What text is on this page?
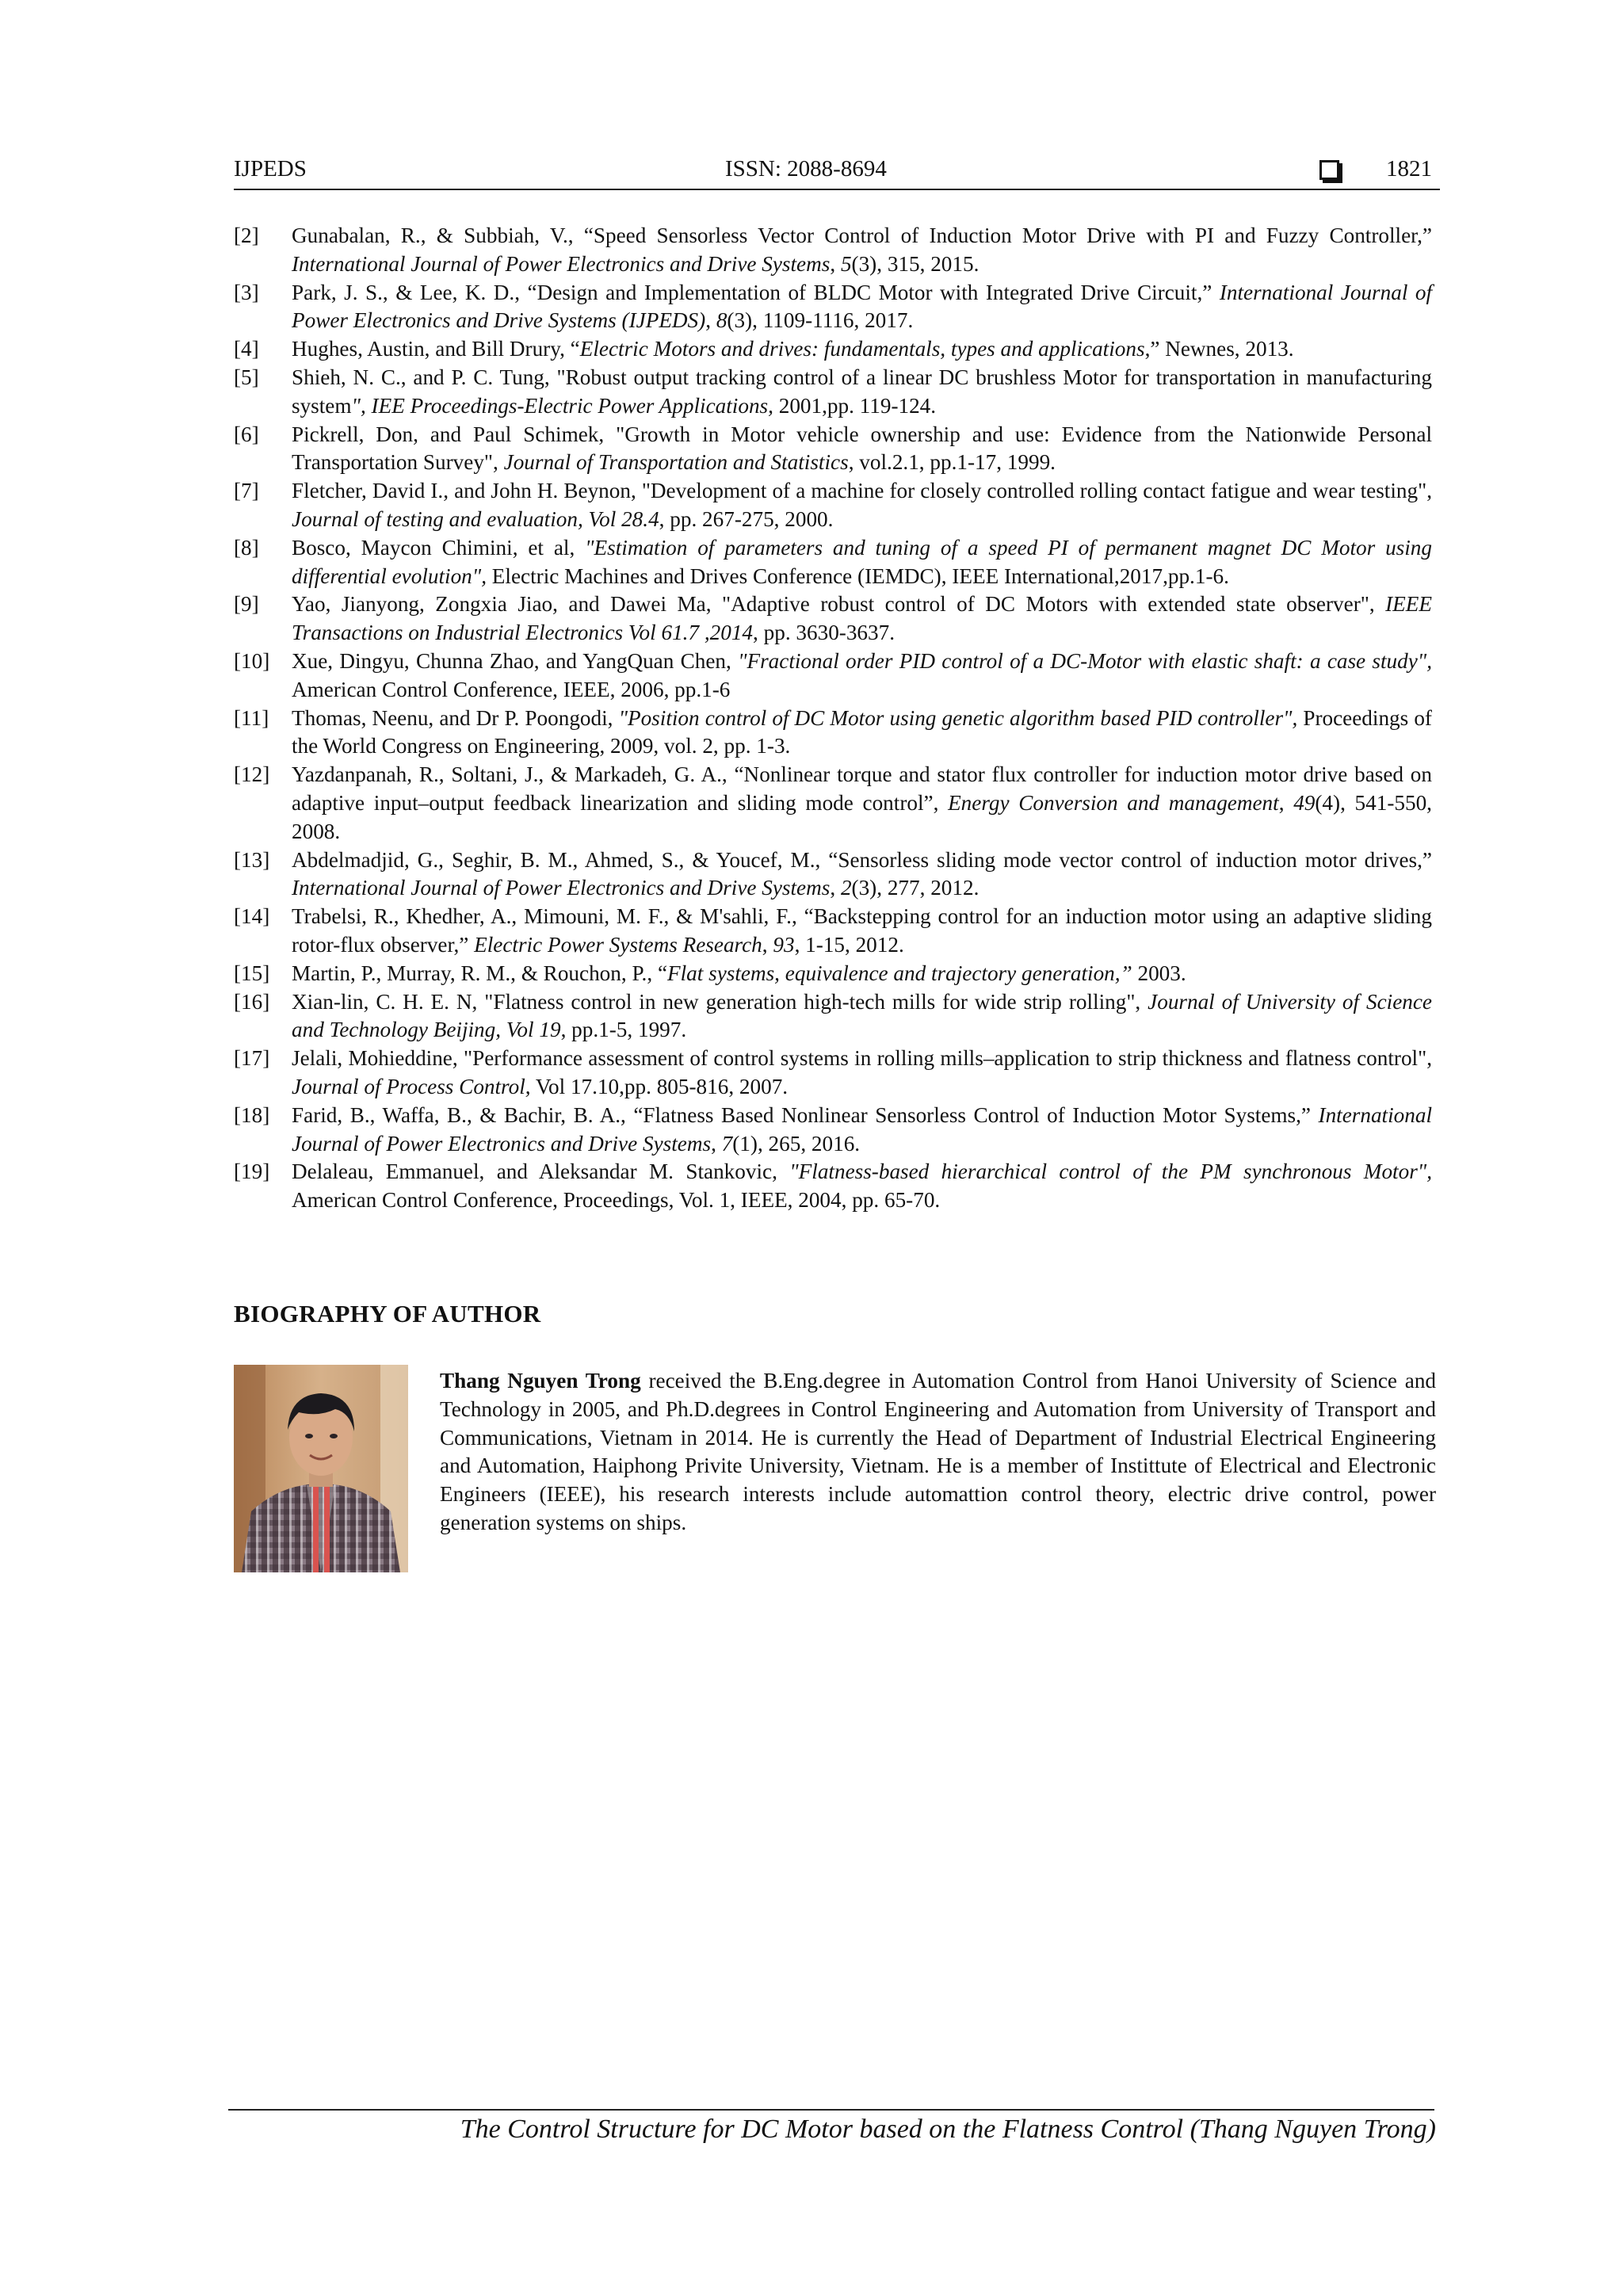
IJPEDS	ISSN: 2088-8694	1821
[2]	Gunabalan, R., & Subbiah, V., “Speed Sensorless Vector Control of Induction Motor Drive with PI and Fuzzy Controller,” International Journal of Power Electronics and Drive Systems, 5(3), 315, 2015.
[3]	Park, J. S., & Lee, K. D., “Design and Implementation of BLDC Motor with Integrated Drive Circuit,” International Journal of Power Electronics and Drive Systems (IJPEDS), 8(3), 1109-1116, 2017.
[4]	Hughes, Austin, and Bill Drury, “Electric Motors and drives: fundamentals, types and applications,” Newnes, 2013.
[5]	Shieh, N. C., and P. C. Tung, "Robust output tracking control of a linear DC brushless Motor for transportation in manufacturing system", IEE Proceedings-Electric Power Applications, 2001,pp. 119-124.
[6]	Pickrell, Don, and Paul Schimek, "Growth in Motor vehicle ownership and use: Evidence from the Nationwide Personal Transportation Survey", Journal of Transportation and Statistics, vol.2.1, pp.1-17, 1999.
[7]	Fletcher, David I., and John H. Beynon, "Development of a machine for closely controlled rolling contact fatigue and wear testing", Journal of testing and evaluation, Vol 28.4, pp. 267-275, 2000.
[8]	Bosco, Maycon Chimini, et al, "Estimation of parameters and tuning of a speed PI of permanent magnet DC Motor using differential evolution", Electric Machines and Drives Conference (IEMDC), IEEE International,2017,pp.1-6.
[9]	Yao, Jianyong, Zongxia Jiao, and Dawei Ma, "Adaptive robust control of DC Motors with extended state observer", IEEE Transactions on Industrial Electronics Vol 61.7 ,2014, pp. 3630-3637.
[10]	Xue, Dingyu, Chunna Zhao, and YangQuan Chen, "Fractional order PID control of a DC-Motor with elastic shaft: a case study", American Control Conference, IEEE, 2006, pp.1-6
[11]	Thomas, Neenu, and Dr P. Poongodi, "Position control of DC Motor using genetic algorithm based PID controller", Proceedings of the World Congress on Engineering, 2009, vol. 2, pp. 1-3.
[12]	Yazdanpanah, R., Soltani, J., & Markadeh, G. A., “Nonlinear torque and stator flux controller for induction motor drive based on adaptive input–output feedback linearization and sliding mode control”, Energy Conversion and management, 49(4), 541-550, 2008.
[13]	Abdelmadjid, G., Seghir, B. M., Ahmed, S., & Youcef, M., “Sensorless sliding mode vector control of induction motor drives,” International Journal of Power Electronics and Drive Systems, 2(3), 277, 2012.
[14]	Trabelsi, R., Khedher, A., Mimouni, M. F., & M'sahli, F., “Backstepping control for an induction motor using an adaptive sliding rotor-flux observer,” Electric Power Systems Research, 93, 1-15, 2012.
[15]	Martin, P., Murray, R. M., & Rouchon, P., “Flat systems, equivalence and trajectory generation,” 2003.
[16]	Xian-lin, C. H. E. N, "Flatness control in new generation high-tech mills for wide strip rolling", Journal of University of Science and Technology Beijing, Vol 19, pp.1-5, 1997.
[17]	Jelali, Mohieddine, "Performance assessment of control systems in rolling mills–application to strip thickness and flatness control", Journal of Process Control, Vol 17.10,pp. 805-816, 2007.
[18]	Farid, B., Waffa, B., & Bachir, B. A., “Flatness Based Nonlinear Sensorless Control of Induction Motor Systems,” International Journal of Power Electronics and Drive Systems, 7(1), 265, 2016.
[19]	Delaleau, Emmanuel, and Aleksandar M. Stankovic, "Flatness-based hierarchical control of the PM synchronous Motor", American Control Conference, Proceedings, Vol. 1, IEEE, 2004, pp. 65-70.
BIOGRAPHY OF AUTHOR
Thang Nguyen Trong received the B.Eng.degree in Automation Control from Hanoi University of Science and Technology in 2005, and Ph.D.degrees in Control Engineering and Automation from University of Transport and Communications, Vietnam in 2014. He is currently the Head of Department of Industrial Electrical Engineering and Automation, Haiphong Privite University, Vietnam. He is a member of Instittute of Electrical and Electronic Engineers (IEEE), his research interests include automattion control theory, electric drive control, power generation systems on ships.
The Control Structure for DC Motor based on the Flatness Control (Thang Nguyen Trong)
